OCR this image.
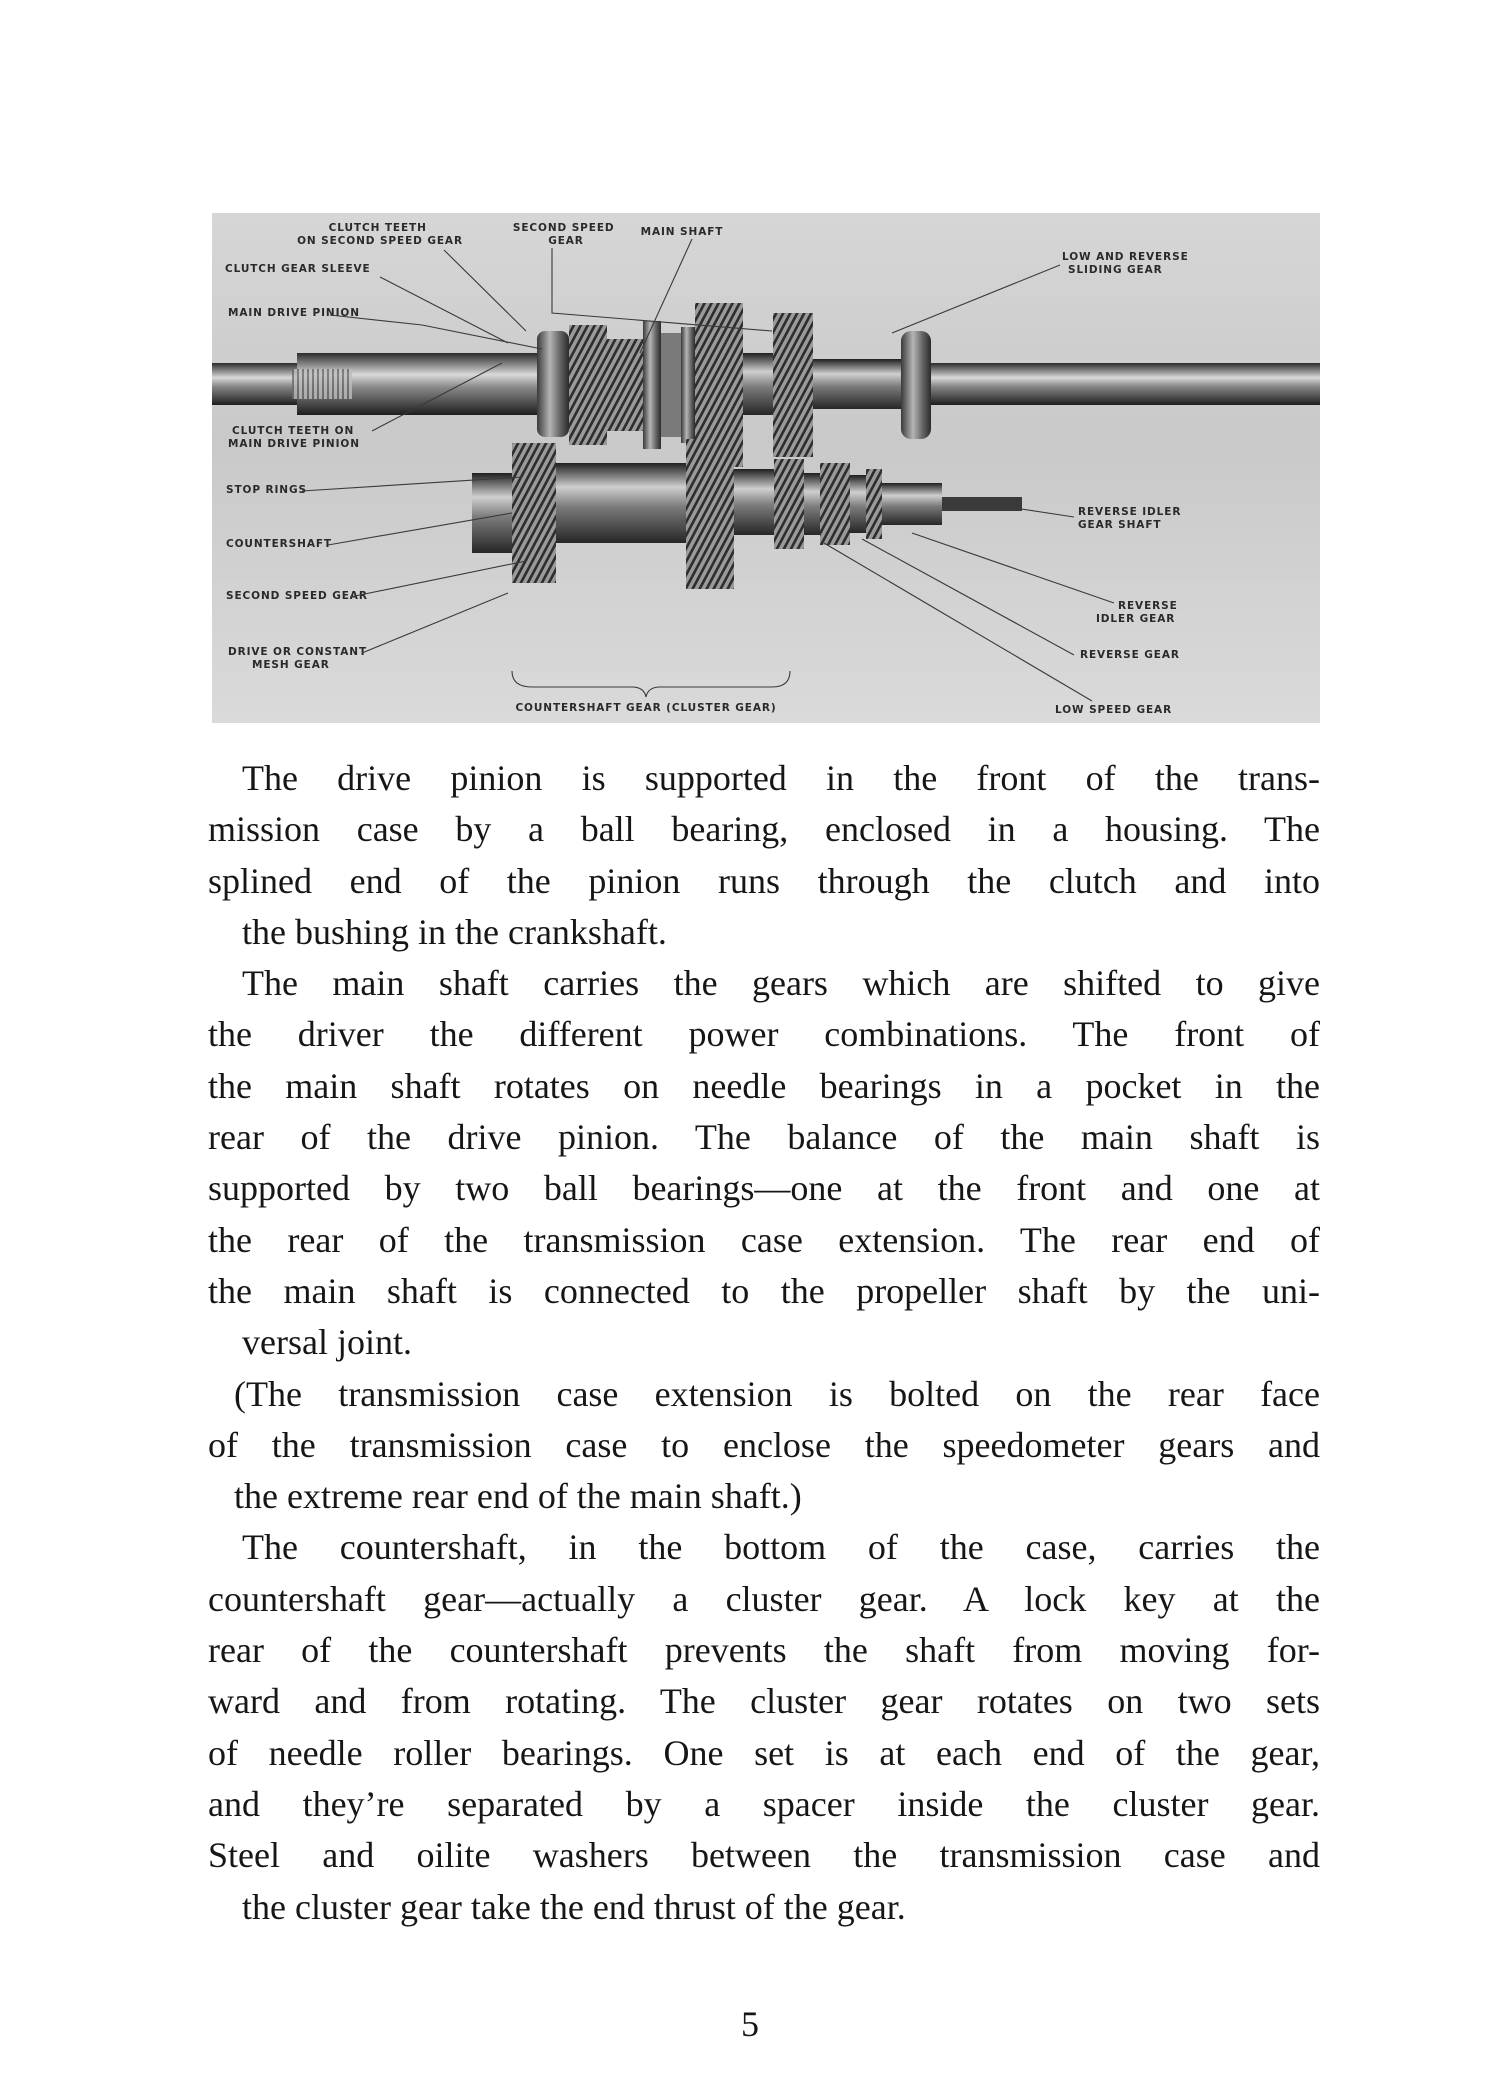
CLUTCH TEETH ON SECOND SPEED GEAR
SECOND SPEED GEAR
MAIN SHAFT
LOW AND REVERSE SLIDING GEAR
CLUTCH GEAR SLEEVE
MAIN DRIVE PINION
CLUTCH TEETH ON MAIN DRIVE PINION
STOP RINGS
COUNTERSHAFT
SECOND SPEED GEAR
DRIVE OR CONSTANT MESH GEAR
REVERSE IDLER GEAR SHAFT
REVERSE IDLER GEAR
REVERSE GEAR
LOW SPEED GEAR
COUNTERSHAFT GEAR (CLUSTER GEAR)

The drive pinion is supported in the front of the trans-
mission case by a ball bearing, enclosed in a housing. The
splined end of the pinion runs through the clutch and into
the bushing in the crankshaft.

The main shaft carries the gears which are shifted to give
the driver the different power combinations. The front of
the main shaft rotates on needle bearings in a pocket in the
rear of the drive pinion. The balance of the main shaft is
supported by two ball bearings—one at the front and one at
the rear of the transmission case extension. The rear end of
the main shaft is connected to the propeller shaft by the uni-
versal joint.

(The transmission case extension is bolted on the rear face
of the transmission case to enclose the speedometer gears and
the extreme rear end of the main shaft.)

The countershaft, in the bottom of the case, carries the
countershaft gear—actually a cluster gear. A lock key at the
rear of the countershaft prevents the shaft from moving for-
ward and from rotating. The cluster gear rotates on two sets
of needle roller bearings. One set is at each end of the gear,
and they’re separated by a spacer inside the cluster gear.
Steel and oilite washers between the transmission case and
the cluster gear take the end thrust of the gear.

5
